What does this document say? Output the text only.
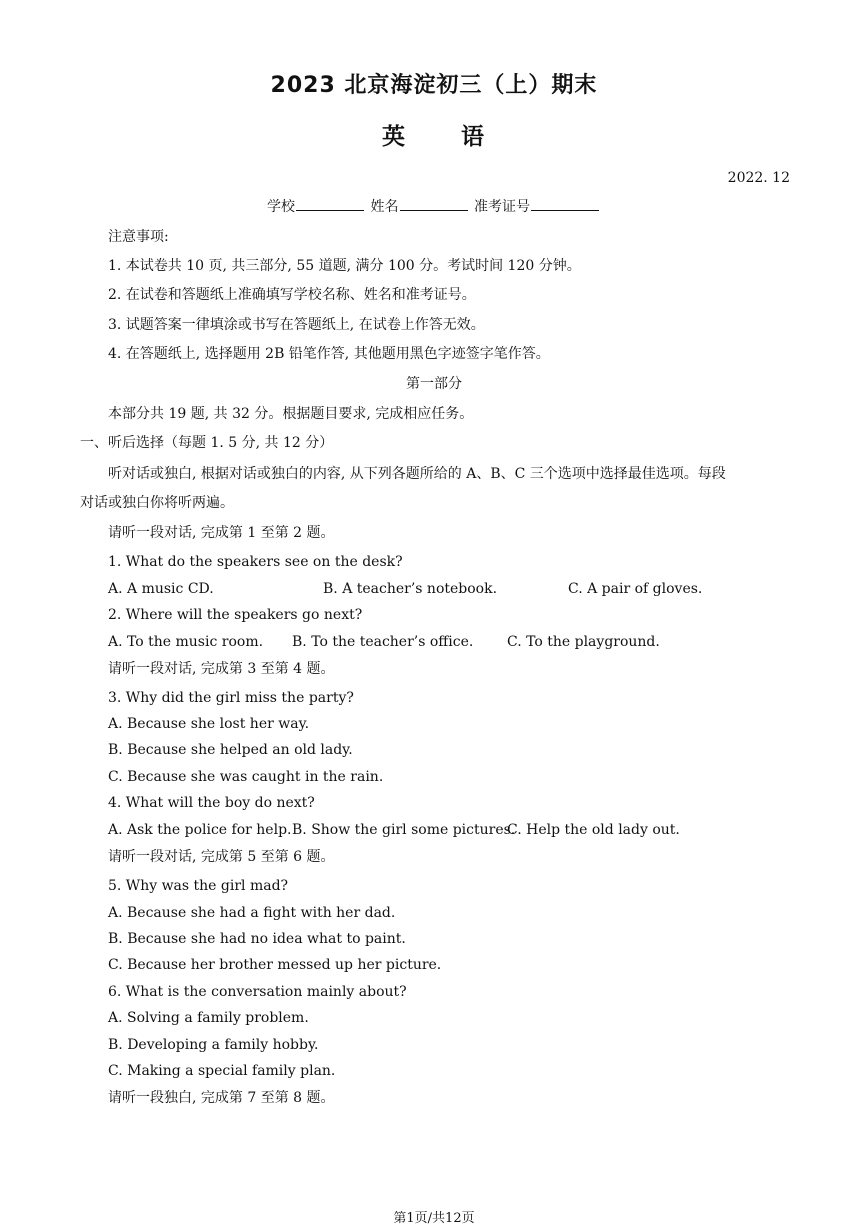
2023 北京海淀初三（上）期末
英 语
2022. 12
学校	姓名	准考证号
注意事项:
1. 本试卷共 10 页, 共三部分, 55 道题, 满分 100 分。考试时间 120 分钟。
2. 在试卷和答题纸上准确填写学校名称、姓名和准考证号。
3. 试题答案一律填涂或书写在答题纸上, 在试卷上作答无效。
4. 在答题纸上, 选择题用 2B 铅笔作答, 其他题用黑色字迹签字笔作答。
第一部分
本部分共 19 题, 共 32 分。根据题目要求, 完成相应任务。
一、听后选择（每题 1. 5 分, 共 12 分）
听对话或独白, 根据对话或独白的内容, 从下列各题所给的 A、B、C 三个选项中选择最佳选项。每段
对话或独白你将听两遍。
请听一段对话, 完成第 1 至第 2 题。
1. What do the speakers see on the desk?
A. A music CD.	B. A teacher’s notebook.	C. A pair of gloves.
2. Where will the speakers go next?
A. To the music room. B. To the teacher’s office. C. To the playground.
请听一段对话, 完成第 3 至第 4 题。
3. Why did the girl miss the party?
A. Because she lost her way.
B. Because she helped an old lady.
C. Because she was caught in the rain.
4. What will the boy do next?
A. Ask the police for help. B. Show the girl some pictures.
C. Help the old lady out.
请听一段对话, 完成第 5 至第 6 题。
5. Why was the girl mad?
A. Because she had a fight with her dad.
B. Because she had no idea what to paint.
C. Because her brother messed up her picture.
6. What is the conversation mainly about?
A. Solving a family problem.
B. Developing a family hobby.
C. Making a special family plan.
请听一段独白, 完成第 7 至第 8 题。
第1页/共12页
